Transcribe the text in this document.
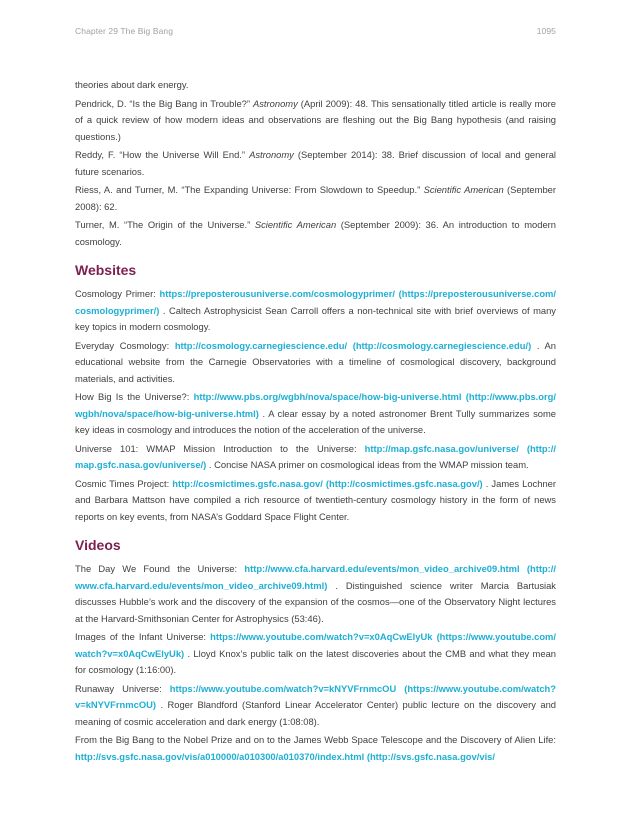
Chapter 29 The Big Bang	1095

theories about dark energy.

Pendrick, D. “Is the Big Bang in Trouble?” Astronomy (April 2009): 48. This sensationally titled article is really more of a quick review of how modern ideas and observations are fleshing out the Big Bang hypothesis (and raising questions.)

Reddy, F. “How the Universe Will End.” Astronomy (September 2014): 38. Brief discussion of local and general future scenarios.

Riess, A. and Turner, M. “The Expanding Universe: From Slowdown to Speedup.” Scientific American (September 2008): 62.

Turner, M. “The Origin of the Universe.” Scientific American (September 2009): 36. An introduction to modern cosmology.

Websites

Cosmology Primer: https://​preposterousuniverse.com/​cosmologyprimer/ (https://​preposterousuniverse.com/​cosmologyprimer/) . Caltech Astrophysicist Sean Carroll offers a non-technical site with brief overviews of many key topics in modern cosmology.

Everyday Cosmology: http://​cosmology.carnegiescience.edu/ (http://​cosmology.carnegiescience.edu/) . An educational website from the Carnegie Observatories with a timeline of cosmological discovery, background materials, and activities.

How Big Is the Universe?: http://​www.pbs.org/​wgbh/​nova/​space/​how-big-universe.html (http://​www.pbs.org/​wgbh/​nova/​space/​how-big-universe.html) . A clear essay by a noted astronomer Brent Tully summarizes some key ideas in cosmology and introduces the notion of the acceleration of the universe.

Universe 101: WMAP Mission Introduction to the Universe: http://​map.gsfc.nasa.gov/​universe/ (http://​map.gsfc.nasa.gov/​universe/) . Concise NASA primer on cosmological ideas from the WMAP mission team.

Cosmic Times Project: http://​cosmictimes.gsfc.nasa.gov/ (http://​cosmictimes.gsfc.nasa.gov/) . James Lochner and Barbara Mattson have compiled a rich resource of twentieth-century cosmology history in the form of news reports on key events, from NASA’s Goddard Space Flight Center.

Videos

The Day We Found the Universe: http://​www.cfa.harvard.edu/​events/​mon_video_archive09.html (http://​www.cfa.harvard.edu/​events/​mon_video_archive09.html) . Distinguished science writer Marcia Bartusiak discusses Hubble’s work and the discovery of the expansion of the cosmos—one of the Observatory Night lectures at the Harvard-Smithsonian Center for Astrophysics (53:46).

Images of the Infant Universe: https://​www.youtube.com/​watch?v=x0AqCwElyUk (https://​www.youtube.com/​watch?v=x0AqCwElyUk) . Lloyd Knox’s public talk on the latest discoveries about the CMB and what they mean for cosmology (1:16:00).

Runaway Universe: https://​www.youtube.com/​watch?v=kNYVFrnmcOU (https://​www.youtube.com/​watch?v=kNYVFrnmcOU) . Roger Blandford (Stanford Linear Accelerator Center) public lecture on the discovery and meaning of cosmic acceleration and dark energy (1:08:08).

From the Big Bang to the Nobel Prize and on to the James Webb Space Telescope and the Discovery of Alien Life: http://​svs.gsfc.nasa.gov/​vis/​a010000/​a010300/​a010370/​index.html (http://​svs.gsfc.nasa.gov/​vis/
